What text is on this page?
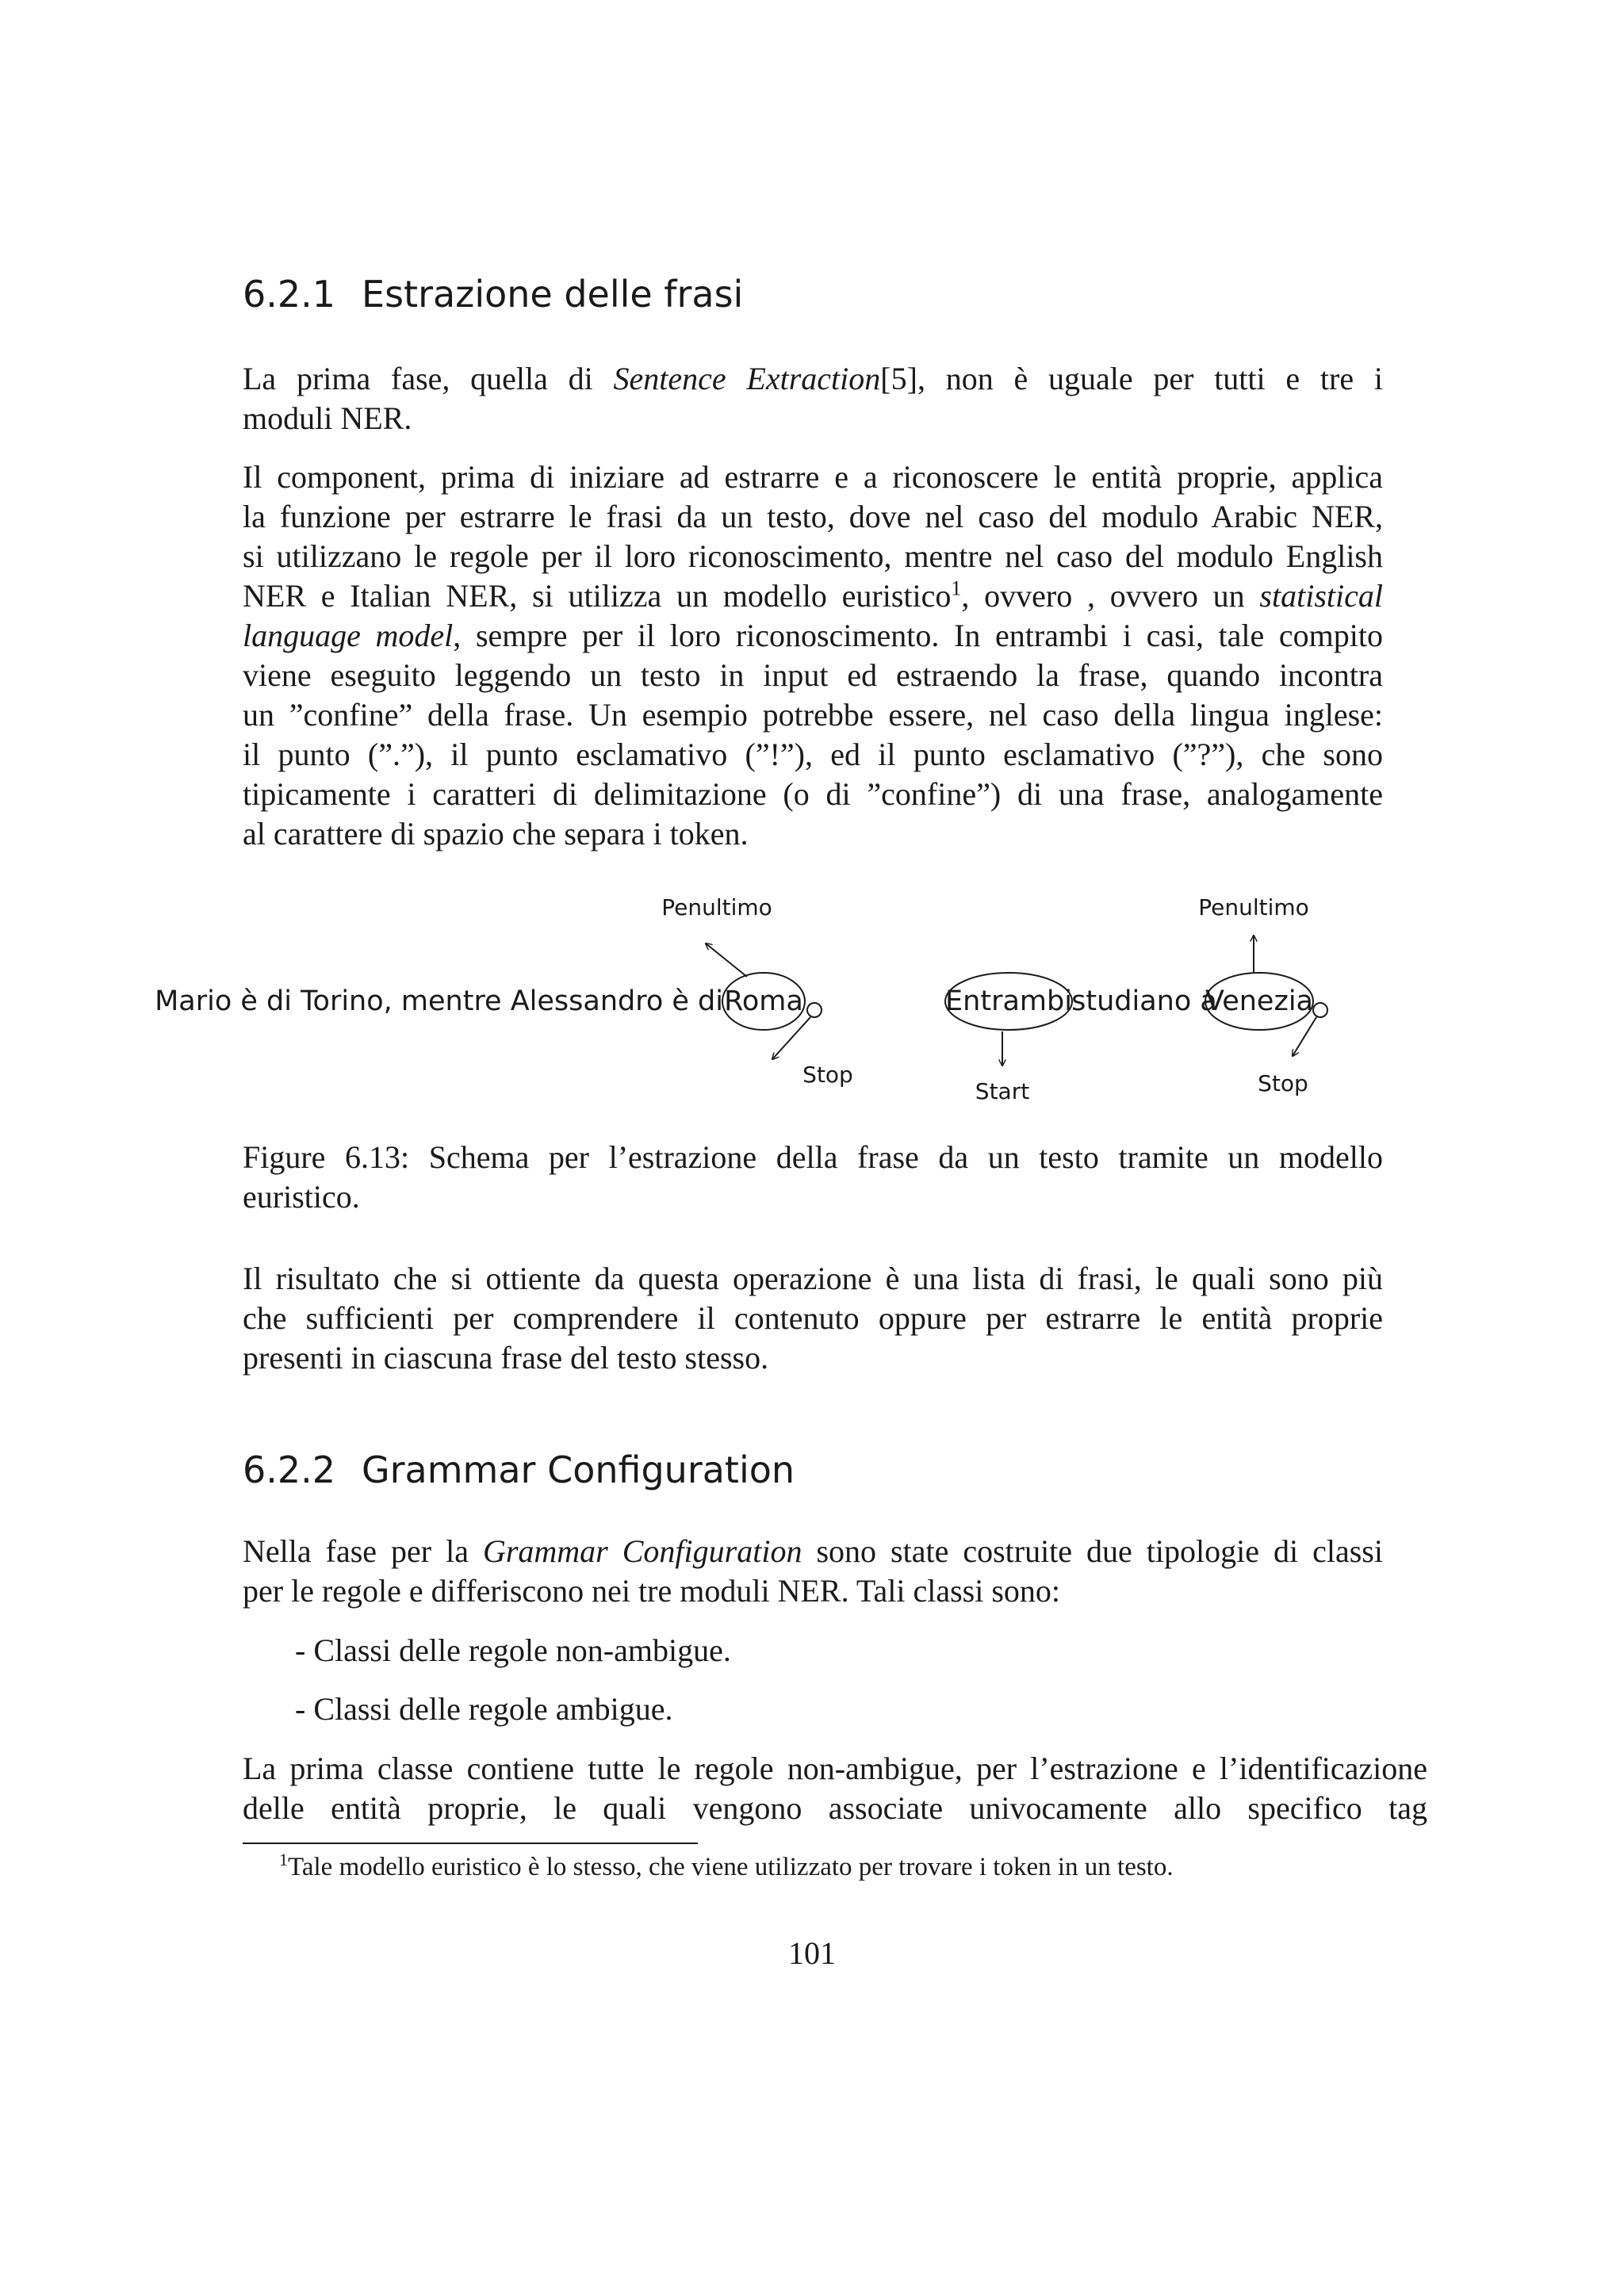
6.2.1 Estrazione delle frasi

La prima fase, quella di Sentence Extraction[5], non è uguale per tutti e tre i
moduli NER.

Il component, prima di iniziare ad estrarre e a riconoscere le entità proprie, applica
la funzione per estrarre le frasi da un testo, dove nel caso del modulo Arabic NER,
si utilizzano le regole per il loro riconoscimento, mentre nel caso del modulo English
NER e Italian NER, si utilizza un modello euristico$^1$, ovvero , ovvero un statistical
language model, sempre per il loro riconoscimento. In entrambi i casi, tale compito
viene eseguito leggendo un testo in input ed estraendo la frase, quando incontra
un ”confine” della frase. Un esempio potrebbe essere, nel caso della lingua inglese:
il punto (”.”), il punto esclamativo (”!”), ed il punto esclamativo (”?”), che sono
tipicamente i caratteri di delimitazione (o di ”confine”) di una frase, analogamente
al carattere di spazio che separa i token.

Mario è di Torino, mentre Alessandro è di Roma	Entrambi studiano a
Venezia
Penultimo	Penultimo
Stop
Start	Stop

Figure 6.13: Schema per l’estrazione della frase da un testo tramite un modello
euristico.

Il risultato che si ottiente da questa operazione è una lista di frasi, le quali sono più
che sufficienti per comprendere il contenuto oppure per estrarre le entità proprie
presenti in ciascuna frase del testo stesso.

6.2.2 Grammar Configuration

Nella fase per la Grammar Configuration sono state costruite due tipologie di classi
per le regole e differiscono nei tre moduli NER. Tali classi sono:

- Classi delle regole non-ambigue.

- Classi delle regole ambigue.

La prima classe contiene tutte le regole non-ambigue, per l’estrazione e l’identificazione
delle entità proprie, le quali vengono associate univocamente allo specifico tag

$^1$Tale modello euristico è lo stesso, che viene utilizzato per trovare i token in un testo.

101
